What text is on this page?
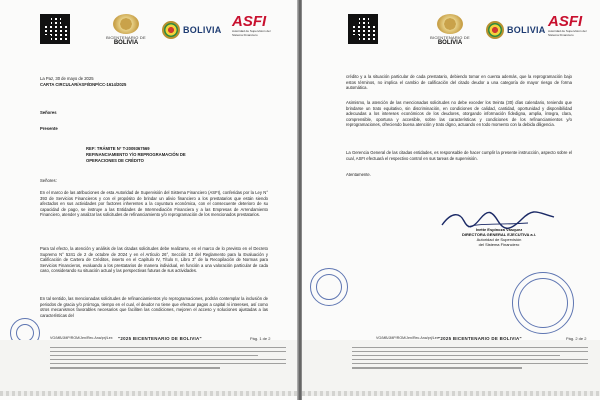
BICENTENARIO DE
BOLIVIA
BOLIVIA ASFI
Autoridad de Supervisión del Sistema Financiero
La Paz, 30 de mayo de 2025
CARTA CIRCULAR/ASFI/DNP/CC-1614/2025
Señores
Presente
REF: TRÁMITE N° T-2009367569
REFINANCIAMIENTO Y/O REPROGRAMACIÓN DE
OPERACIONES DE CRÉDITO
Señores:
En el marco de las atribuciones de esta Autoridad de Supervisión del Sistema Financiero (ASFI), conferidas por la Ley N° 393 de Servicios Financieros y con el propósito de brindar un alivio financiero a los prestatarios que están siendo afectados en sus actividades por factores inherentes a la coyuntura económica, con el consecuente deterioro de su capacidad de pago, se instruye a las Entidades de Intermediación Financiera y a las Empresas de Arrendamiento Financiero, atender y analizar las solicitudes de refinanciamiento y/o reprogramación de los mencionados prestatarios.
Para tal efecto, la atención y análisis de las citadas solicitudes debe realizarse, en el marco de lo previsto en el Decreto Supremo N° 5241 de 2 de octubre de 2024 y en el Artículo 26°, Sección 10 del Reglamento para la Evaluación y Calificación de Cartera de Créditos, inserto en el Capítulo IV, Título II, Libro 3° de la Recopilación de Normas para Servicios Financieros, evaluando a los prestatarios de manera individual, en función a una valoración particular de cada caso, considerando su situación actual y las perspectivas futuras de sus actividades.
En tal sentido, las mencionadas solicitudes de refinanciamientos y/o reprogramaciones, podrán contemplar la inclusión de periodos de gracia y/o prórroga, tiempo en el cual, el deudor no tiene que efectuar pagos a capital ni intereses, así como otros mecanismos favorables necesarios que faciliten las condiciones, mejoren el acceso y soluciones ajustadas a las características del
VG/MB/JMP/ROM/Jen/Rec.Ana/prj/Lex "2025 BICENTENARIO DE BOLIVIA"	Pág. 1 de 2
BICENTENARIO DE
BOLIVIA
BOLIVIA ASFI
Autoridad de Supervisión del Sistema Financiero
crédito y a la situación particular de cada prestatario, debiendo tomar en cuenta además, que la reprogramación bajo estos términos, no implica el cambio de calificación del citado deudor a una categoría de mayor riesgo de forma automática.
Asimismo, la atención de las mencionadas solicitudes no debe exceder los treinta (30) días calendario, teniendo que brindarse un trato equitativo, sin discriminación, en condiciones de calidad, cantidad, oportunidad y disponibilidad adecuadas a los intereses económicos de los deudores, otorgando información fidedigna, amplia, íntegra, clara, comprensible, oportuna y accesible, sobre las características y condiciones de los refinanciamientos y/o reprogramaciones, ofreciendo buena atención y trato digno, actuando en todo momento con la debida diligencia.
La Gerencia General de las citadas entidades, es responsable de hacer cumplir la presente instrucción, aspecto sobre el cual, ASFI efectuará el respectivo control en sus tareas de supervisión.
Atentamente.
Ivette Espinoza Vásquez
DIRECTORA GENERAL EJECUTIVA a.i.
Autoridad de Supervisión
del Sistema Financiero
VG/MB/JMP/ROM/Jen/Rec.Ana/prj/Lex "2025 BICENTENARIO DE BOLIVIA"	Pág. 2 de 2
